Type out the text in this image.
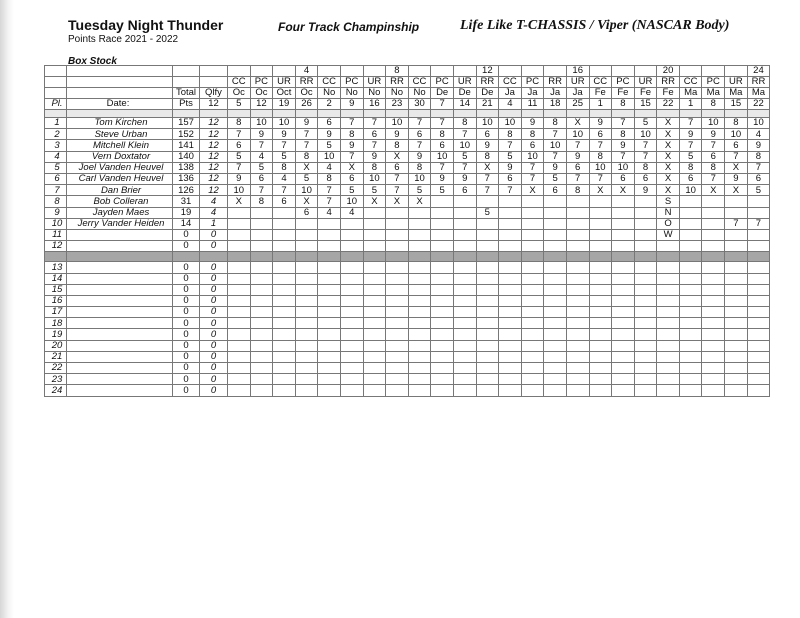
Tuesday Night Thunder
Points Race 2021 - 2022
Four Track Champinship	Life Like T-CHASSIS / Viper (NASCAR Body)
Box Stock
							4				8				12				16				20				24
				CC	PC	UR	RR	CC	PC	UR	RR	CC	PC	UR	RR	CC	PC	RR	UR	CC	PC	UR	RR	CC	PC	UR	RR
		Total	Qlfy	Oc	Oc	Oct	Oc	No	No	No	No	No	De	De	De	Ja	Ja	Ja	Ja	Fe	Fe	Fe	Fe	Ma	Ma	Ma	Ma
Pl.	Date:	Pts	12	5	12	19	26	2	9	16	23	30	7	14	21	4	11	18	25	1	8	15	22	1	8	15	22

1	Tom Kirchen	157	12	8	10	10	9	6	7	7	10	7	7	8	10	10	9	8	X	9	7	5	X	7	10	8	10
2	Steve Urban	152	12	7	9	9	7	9	8	6	9	6	8	7	6	8	8	7	10	6	8	10	X	9	9	10	4
3	Mitchell Klein	141	12	6	7	7	7	5	9	7	8	7	6	10	9	7	6	10	7	7	9	7	X	7	7	6	9
4	Vern Doxtator	140	12	5	4	5	8	10	7	9	X	9	10	5	8	5	10	7	9	8	7	7	X	5	6	7	8
5	Joel Vanden Heuvel	138	12	7	5	8	X	4	X	8	6	8	7	7	X	9	7	9	6	10	10	8	X	8	8	X	7
6	Carl Vanden Heuvel	136	12	9	6	4	5	8	6	10	7	10	9	9	7	6	7	5	7	7	6	6	X	6	7	9	6
7	Dan Brier	126	12	10	7	7	10	7	5	5	7	5	5	6	7	7	X	6	8	X	X	9	X	10	X	X	5
8	Bob Colleran	31	4	X	8	6	X	7	10	X	X	X											S				
9	Jayden Maes	19	4				6	4	4						5								N				
10	Jerry Vander Heiden	14	1																				O			7	7
11		0	0																				W				
12		0	0																								

13		0	0																								
14		0	0																								
15		0	0																								
16		0	0																								
17		0	0																								
18		0	0																								
19		0	0																								
20		0	0																								
21		0	0																								
22		0	0																								
23		0	0																								
24		0	0																								
